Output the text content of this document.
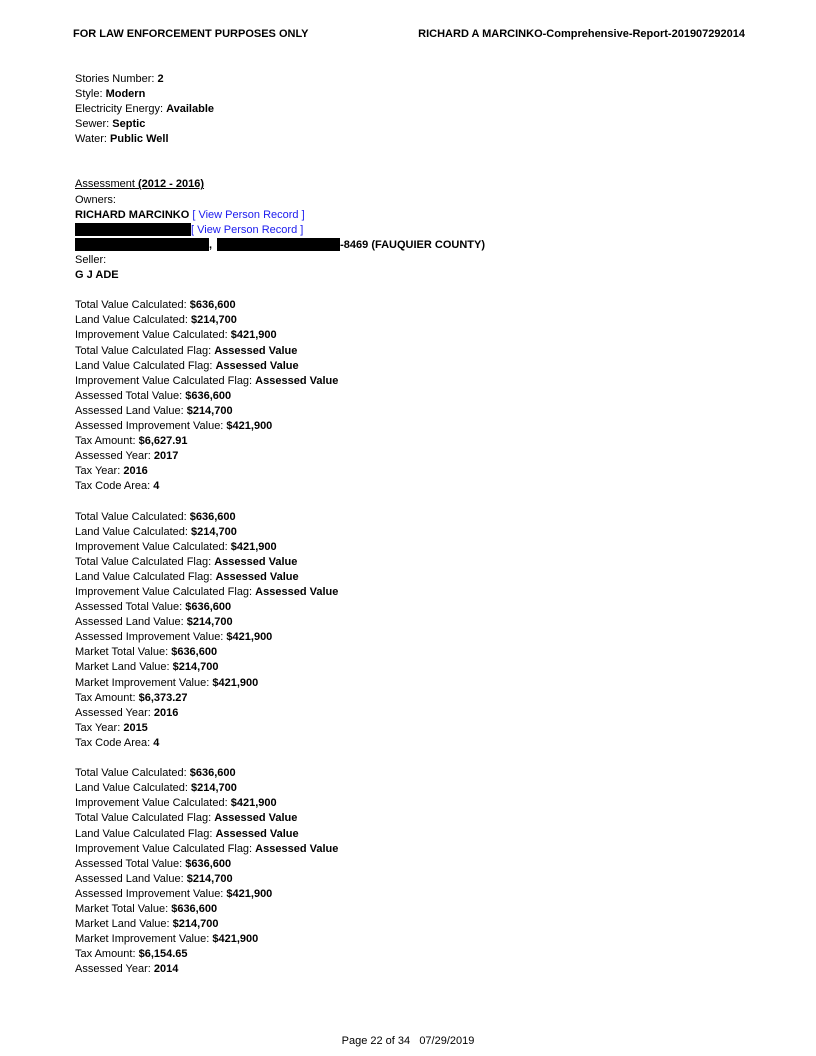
FOR LAW ENFORCEMENT PURPOSES ONLY	RICHARD A MARCINKO-Comprehensive-Report-201907292014
Stories Number: 2
Style: Modern
Electricity Energy: Available
Sewer: Septic
Water: Public Well
Assessment (2012 - 2016)
Owners:
RICHARD MARCINKO [ View Person Record ]
[ View Person Record ]
,	-8469 (FAUQUIER COUNTY)
Seller:
G J ADE
Total Value Calculated: $636,600
Land Value Calculated: $214,700
Improvement Value Calculated: $421,900
Total Value Calculated Flag: Assessed Value
Land Value Calculated Flag: Assessed Value
Improvement Value Calculated Flag: Assessed Value
Assessed Total Value: $636,600
Assessed Land Value: $214,700
Assessed Improvement Value: $421,900
Tax Amount: $6,627.91
Assessed Year: 2017
Tax Year: 2016
Tax Code Area: 4
Total Value Calculated: $636,600
Land Value Calculated: $214,700
Improvement Value Calculated: $421,900
Total Value Calculated Flag: Assessed Value
Land Value Calculated Flag: Assessed Value
Improvement Value Calculated Flag: Assessed Value
Assessed Total Value: $636,600
Assessed Land Value: $214,700
Assessed Improvement Value: $421,900
Market Total Value: $636,600
Market Land Value: $214,700
Market Improvement Value: $421,900
Tax Amount: $6,373.27
Assessed Year: 2016
Tax Year: 2015
Tax Code Area: 4
Total Value Calculated: $636,600
Land Value Calculated: $214,700
Improvement Value Calculated: $421,900
Total Value Calculated Flag: Assessed Value
Land Value Calculated Flag: Assessed Value
Improvement Value Calculated Flag: Assessed Value
Assessed Total Value: $636,600
Assessed Land Value: $214,700
Assessed Improvement Value: $421,900
Market Total Value: $636,600
Market Land Value: $214,700
Market Improvement Value: $421,900
Tax Amount: $6,154.65
Assessed Year: 2014
Page 22 of 34 07/29/2019
